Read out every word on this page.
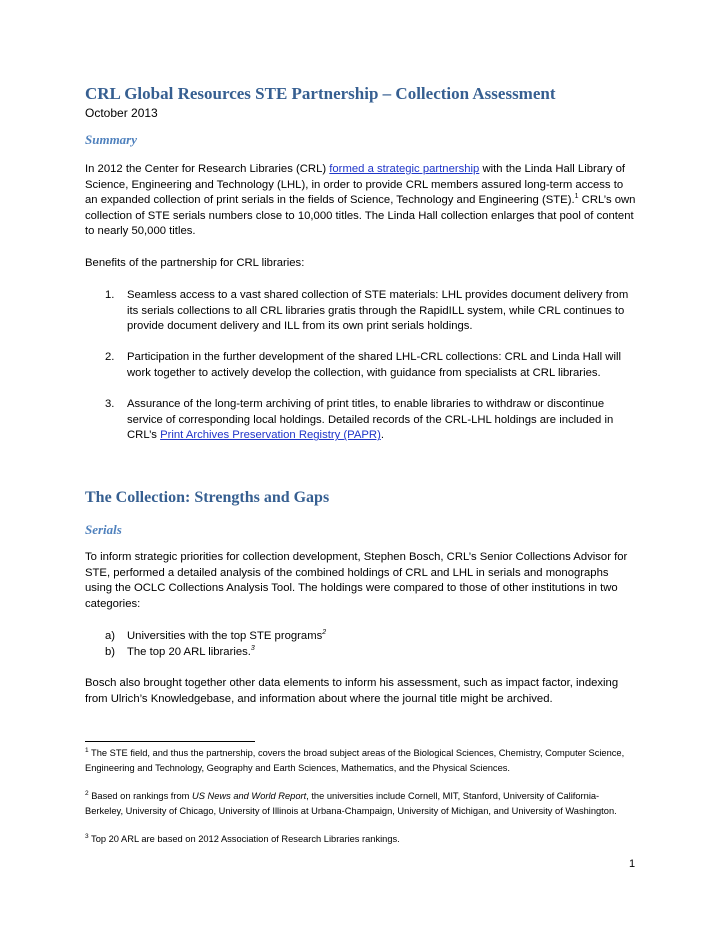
CRL Global Resources STE Partnership – Collection Assessment
October 2013
Summary

In 2012 the Center for Research Libraries (CRL) formed a strategic partnership with the Linda Hall Library of Science, Engineering and Technology (LHL), in order to provide CRL members assured long-term access to an expanded collection of print serials in the fields of Science, Technology and Engineering (STE).$^1$ CRL’s own collection of STE serials numbers close to 10,000 titles. The Linda Hall collection enlarges that pool of content to nearly 50,000 titles.

Benefits of the partnership for CRL libraries:

1. Seamless access to a vast shared collection of STE materials: LHL provides document delivery from its serials collections to all CRL libraries gratis through the RapidILL system, while CRL continues to provide document delivery and ILL from its own print serials holdings.
2. Participation in the further development of the shared LHL-CRL collections: CRL and Linda Hall will work together to actively develop the collection, with guidance from specialists at CRL libraries.
3. Assurance of the long-term archiving of print titles, to enable libraries to withdraw or discontinue service of corresponding local holdings. Detailed records of the CRL-LHL holdings are included in CRL’s Print Archives Preservation Registry (PAPR).
The Collection: Strengths and Gaps
Serials

To inform strategic priorities for collection development, Stephen Bosch, CRL’s Senior Collections Advisor for STE, performed a detailed analysis of the combined holdings of CRL and LHL in serials and monographs using the OCLC Collections Analysis Tool. The holdings were compared to those of other institutions in two categories:

a) Universities with the top STE programs$^2$
b) The top 20 ARL libraries.$^3$

Bosch also brought together other data elements to inform his assessment, such as impact factor, indexing from Ulrich’s Knowledgebase, and information about where the journal title might be archived.

$^1$ The STE field, and thus the partnership, covers the broad subject areas of the Biological Sciences, Chemistry, Computer Science, Engineering and Technology, Geography and Earth Sciences, Mathematics, and the Physical Sciences.

$^2$ Based on rankings from US News and World Report, the universities include Cornell, MIT, Stanford, University of California-Berkeley, University of Chicago, University of Illinois at Urbana-Champaign, University of Michigan, and University of Washington.

$^3$ Top 20 ARL are based on 2012 Association of Research Libraries rankings.

1
